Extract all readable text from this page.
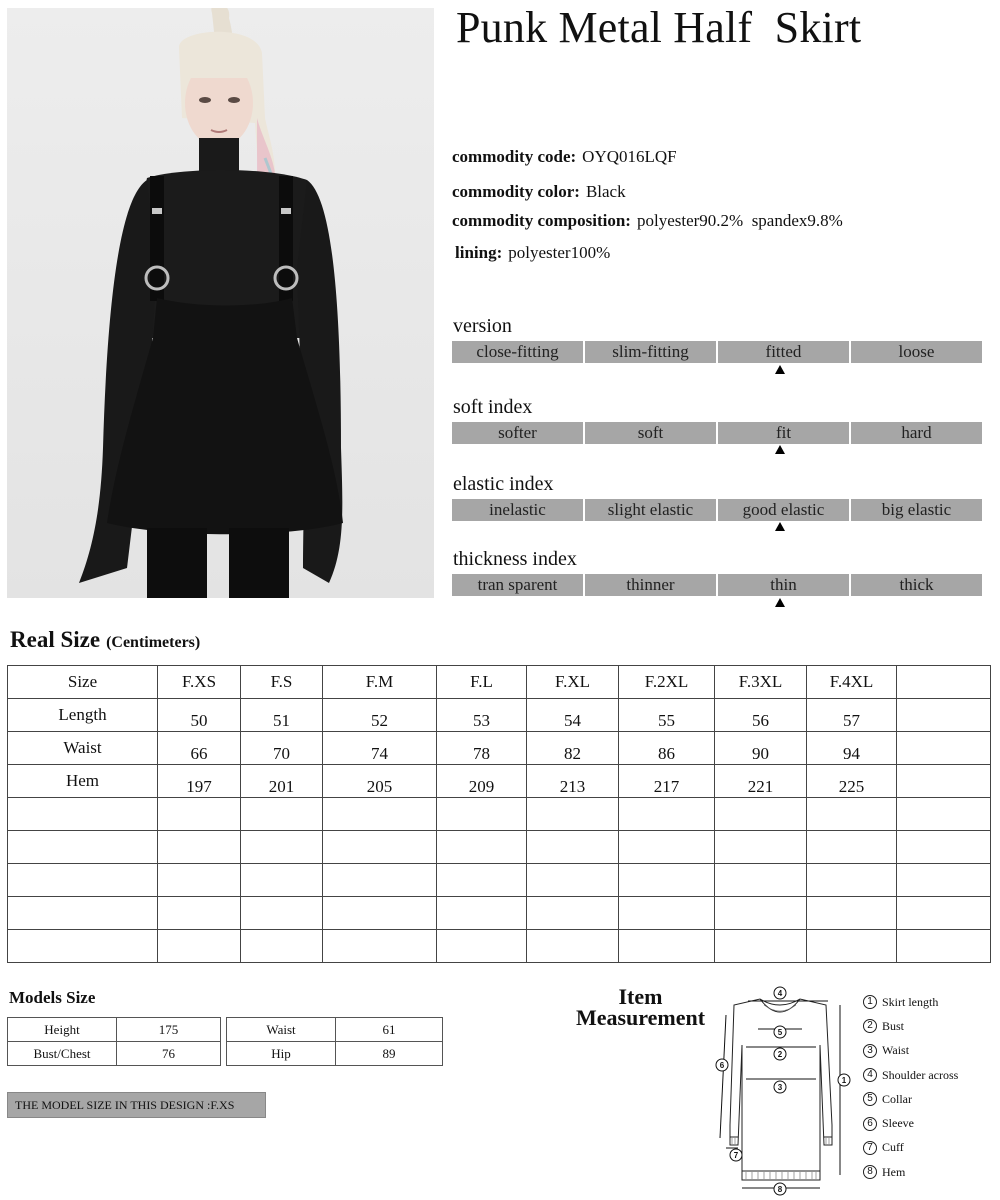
Punk Metal Half  Skirt
commodity code: OYQ016LQF
commodity color: Black
commodity composition: polyester90.2%  spandex9.8%
lining: polyester100%
version
close-fitting	slim-fitting	fitted	loose
soft index
softer	soft	fit	hard
elastic index
inelastic	slight elastic	good elastic	big elastic
thickness index
tran sparent	thinner	thin	thick
Real Size (Centimeters)
Size	F.XS	F.S	F.M	F.L	F.XL	F.2XL	F.3XL	F.4XL	
Length	50	51	52	53	54	55	56	57	
Waist	66	70	74	78	82	86	90	94	
Hem	197	201	205	209	213	217	221	225	

Models Size
Height	175
Bust/Chest	76
Waist	61
Hip	89
THE MODEL SIZE IN THIS DESIGN :F.XS
Item
Measurement
4
5
2
3
1
6
7
8
1 Skirt length
2 Bust
3 Waist
4 Shoulder across
5 Collar
6 Sleeve
7 Cuff
8 Hem
